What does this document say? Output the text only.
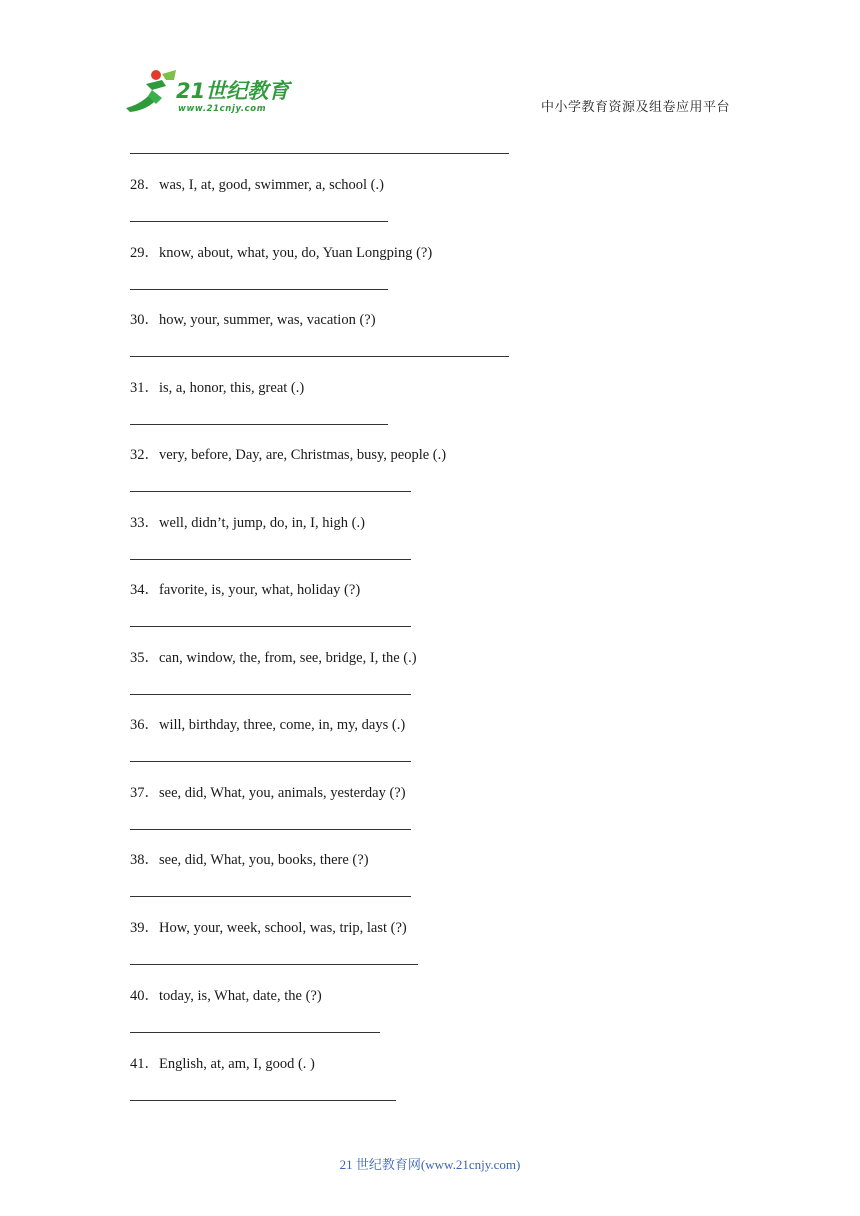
21世纪教育
www.21cnjy.com	中小学教育资源及组卷应用平台
28．was, I, at, good, swimmer, a, school (.)
29．know, about, what, you, do, Yuan Longping (?)
30．how, your, summer, was, vacation (?)
31．is, a, honor, this, great (.)
32．very, before, Day, are, Christmas, busy, people (.)
33．well, didn’t, jump, do, in, I, high (.)
34．favorite, is, your, what, holiday (?)
35．can, window, the, from, see, bridge, I, the (.)
36．will, birthday, three, come, in, my, days (.)
37．see, did, What, you, animals, yesterday (?)
38．see, did, What, you, books, there (?)
39．How, your, week, school, was, trip, last (?)
40．today, is, What, date, the (?)
41．English, at, am, I, good (. )
21 世纪教育网(www.21cnjy.com)
